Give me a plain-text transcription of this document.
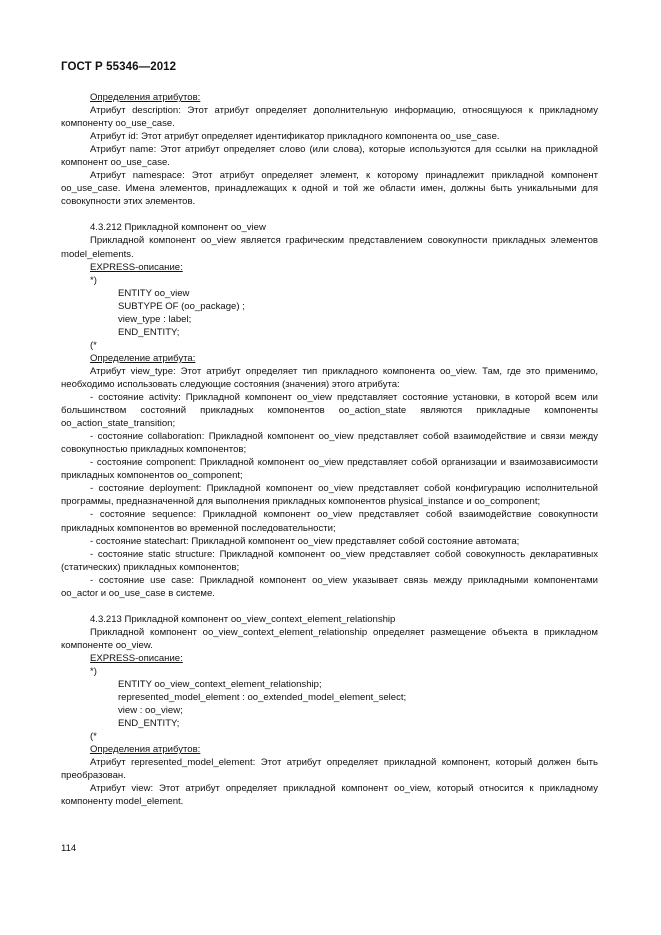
ГОСТ Р 55346—2012

Определения атрибутов:

Атрибут description: Этот атрибут определяет дополнительную информацию, относящуюся к прикладному компоненту oo_use_case.

Атрибут id: Этот атрибут определяет идентификатор прикладного компонента oo_use_case.

Атрибут name: Этот атрибут определяет слово (или слова), которые используются для ссылки на прикладной компонент oo_use_case.

Атрибут namespace: Этот атрибут определяет элемент, к которому принадлежит прикладной компонент oo_use_case. Имена элементов, принадлежащих к одной и той же области имен, должны быть уникальными для совокупности этих элементов.

4.3.212 Прикладной компонент oo_view

Прикладной компонент oo_view является графическим представлением совокупности прикладных элементов model_elements.

EXPRESS-описание:

*)
ENTITY oo_view
SUBTYPE OF (oo_package) ;
view_type : label;
END_ENTITY;
(*

Определение атрибута:

Атрибут view_type: Этот атрибут определяет тип прикладного компонента oo_view. Там, где это применимо, необходимо использовать следующие состояния (значения) этого атрибута:

- состояние activity: Прикладной компонент oo_view представляет состояние установки, в которой всем или большинством состояний прикладных компонентов oo_action_state являются прикладные компоненты oo_action_state_transition;

- состояние collaboration: Прикладной компонент oo_view представляет собой взаимодействие и связи между совокупностью прикладных компонентов;

- состояние component: Прикладной компонент oo_view представляет собой организации и взаимозависимости прикладных компонентов oo_component;

- состояние deployment: Прикладной компонент oo_view представляет собой конфигурацию исполнительной программы, предназначенной для выполнения прикладных компонентов physical_instance и oo_component;

- состояние sequence: Прикладной компонент oo_view представляет собой взаимодействие совокупности прикладных компонентов во временной последовательности;

- состояние statechart: Прикладной компонент oo_view представляет собой состояние автомата;

- состояние static structure: Прикладной компонент oo_view представляет собой совокупность декларативных (статических) прикладных компонентов;

- состояние use case: Прикладной компонент oo_view указывает связь между прикладными компонентами oo_actor и oo_use_case в системе.

4.3.213 Прикладной компонент oo_view_context_element_relationship

Прикладной компонент oo_view_context_element_relationship определяет размещение объекта в прикладном компоненте oo_view.

EXPRESS-описание:

*)
ENTITY oo_view_context_element_relationship;
represented_model_element : oo_extended_model_element_select;
view : oo_view;
END_ENTITY;
(*

Определения атрибутов:

Атрибут represented_model_element: Этот атрибут определяет прикладной компонент, который должен быть преобразован.

Атрибут view: Этот атрибут определяет прикладной компонент oo_view, который относится к прикладному компоненту model_element.

114
